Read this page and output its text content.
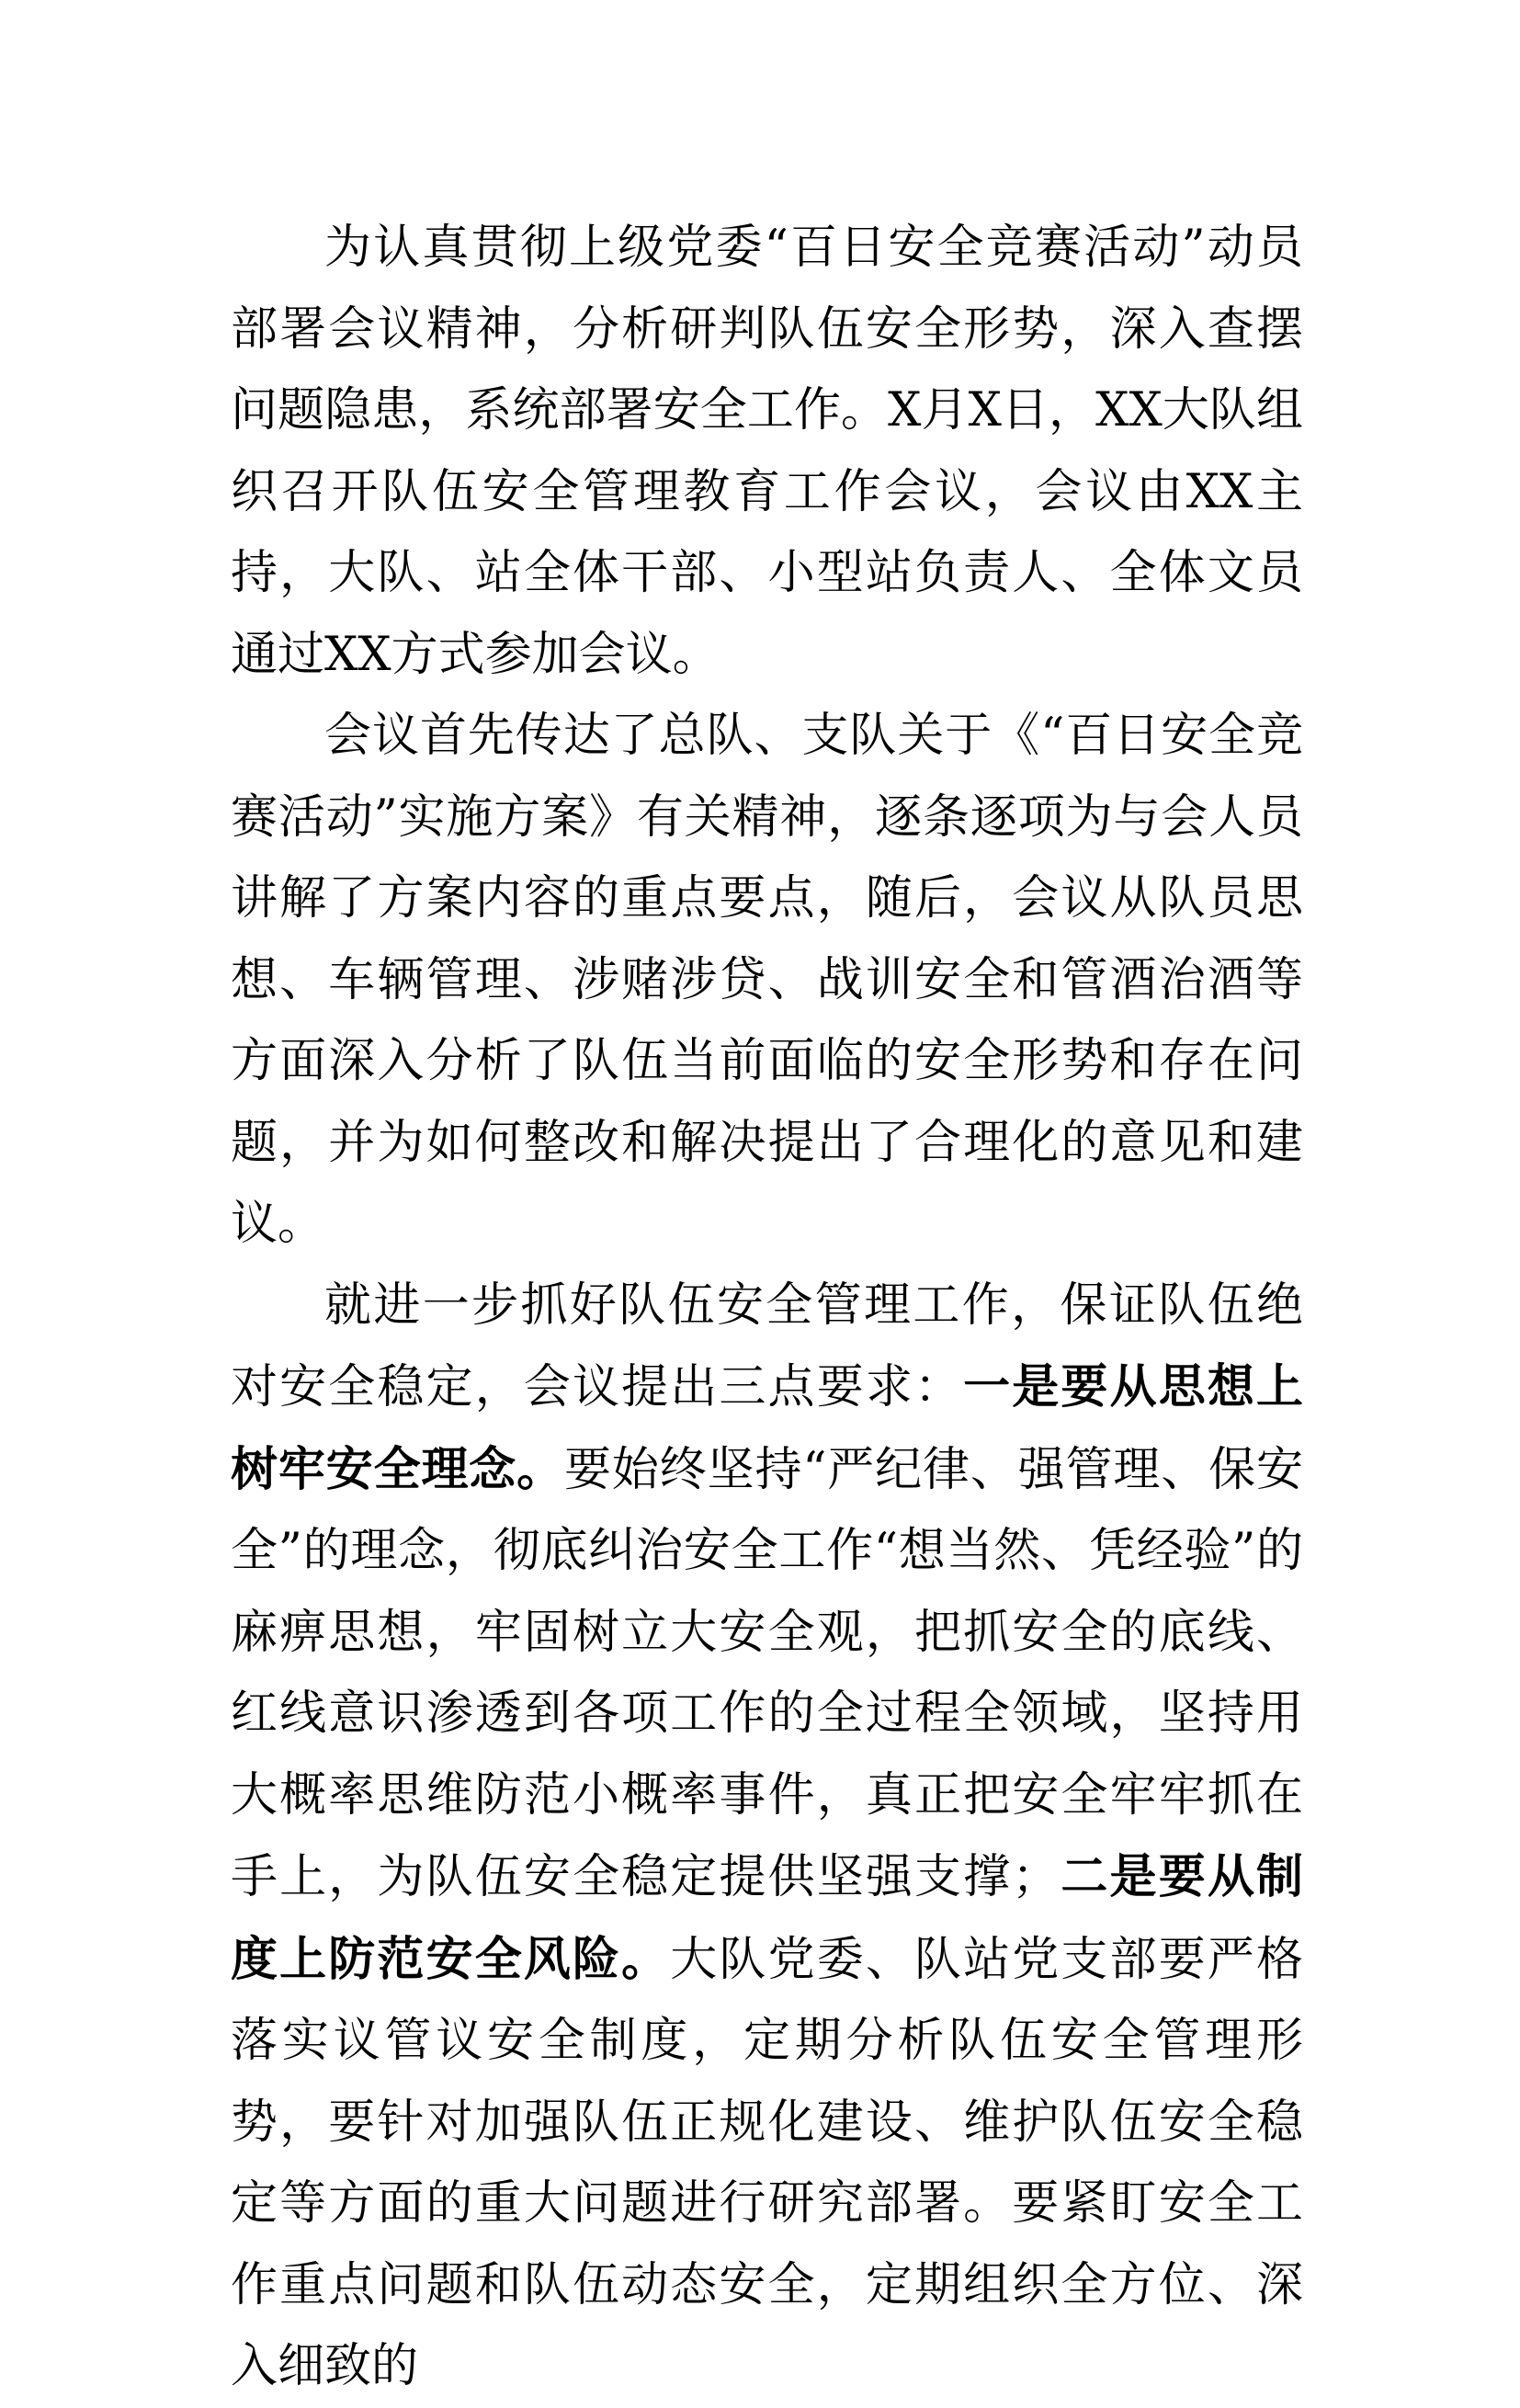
为认真贯彻上级党委“百日安全竞赛活动”动员部署会议精神，分析研判队伍安全形势，深入查摆问题隐患，系统部署安全工作。X月X日，XX大队组织召开队伍安全管理教育工作会议，会议由XX主持，大队、站全体干部、小型站负责人、全体文员通过XX方式参加会议。

会议首先传达了总队、支队关于《“百日安全竞赛活动”实施方案》有关精神，逐条逐项为与会人员讲解了方案内容的重点要点，随后，会议从队员思想、车辆管理、涉赌涉贷、战训安全和管酒治酒等方面深入分析了队伍当前面临的安全形势和存在问题，并为如何整改和解决提出了合理化的意见和建议。

就进一步抓好队伍安全管理工作，保证队伍绝对安全稳定，会议提出三点要求：一是要从思想上树牢安全理念。要始终坚持“严纪律、强管理、保安全”的理念，彻底纠治安全工作“想当然、凭经验”的麻痹思想，牢固树立大安全观，把抓安全的底线、红线意识渗透到各项工作的全过程全领域，坚持用大概率思维防范小概率事件，真正把安全牢牢抓在手上，为队伍安全稳定提供坚强支撑；二是要从制度上防范安全风险。大队党委、队站党支部要严格落实议管议安全制度，定期分析队伍安全管理形势，要针对加强队伍正规化建设、维护队伍安全稳定等方面的重大问题进行研究部署。要紧盯安全工作重点问题和队伍动态安全，定期组织全方位、深入细致的
